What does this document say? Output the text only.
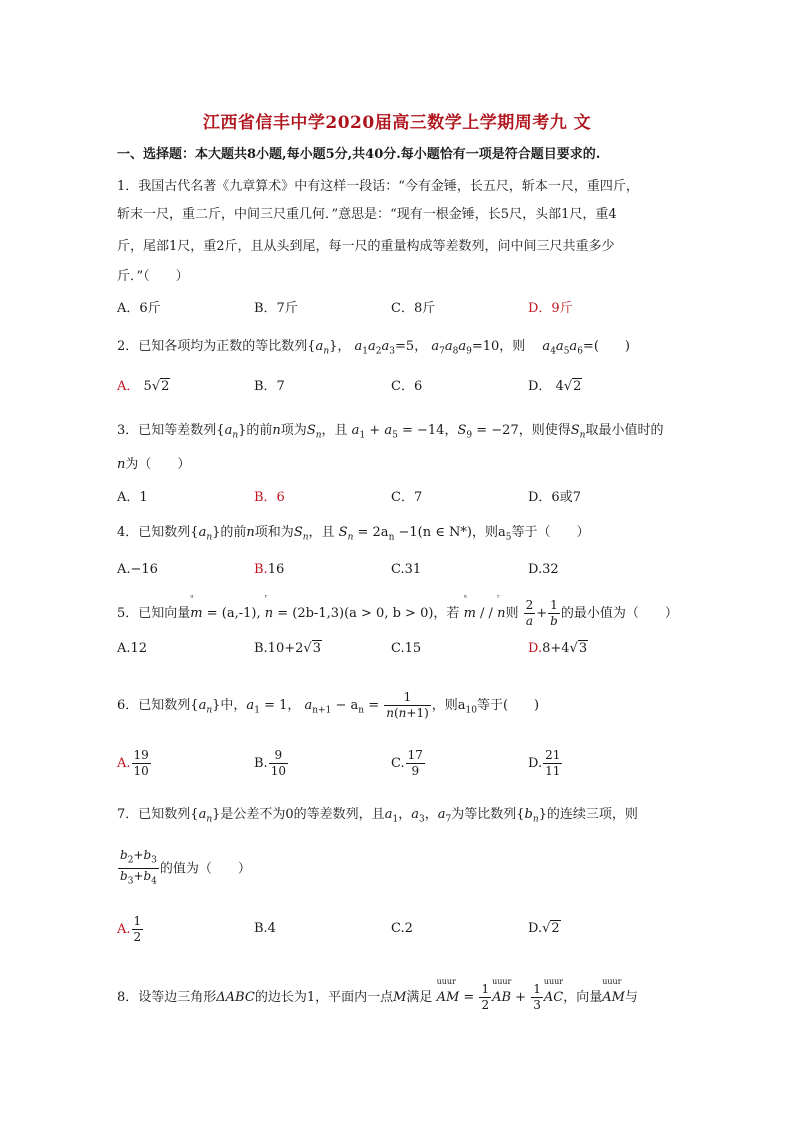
江西省信丰中学2020届高三数学上学期周考九 文
一、选择题：本大题共8小题,每小题5分,共40分.每小题恰有一项是符合题目要求的.
1．我国古代名著《九章算术》中有这样一段话：“今有金锤，长五尺，斩本一尺，重四斤，
斩末一尺，重二斤，中间三尺重几何．”意思是：“现有一根金锤，长5尺，头部1尺，重4
斤，尾部1尺，重2斤，且从头到尾，每一尺的重量构成等差数列，问中间三尺共重多少
斤．”（　　）
A．6斤	B．7斤	C．8斤	D．9斤
2．已知各项均为正数的等比数列$\{a_n\}$， $a_1a_2a_3=5$， $a_7a_8a_9=10$，则　 $a_4a_5a_6=$(　　)
A． 5√2	B．7	C．6	D． 4√2
3．已知等差数列$\{a_n\}$的前n项为$S_n$，且 $a_1 + a_5 = -14$，$S_9 = -27$，则使得$S_n$取最小值时的
n为（　　）
A．1	B．6	C．7	D．6或7
4．已知数列$\{a_n\}$的前n项和为$S_n$，且 $S_n = 2a_n -1(n$ ∈ N*)，则$a_5$等于（　　）
A.−16	B.16	C.31	D.32
5．已知向量
ᵘ
m = (a,-1),
ʳ
n = (2b-1,3)(a > 0, b > 0)，若
ᵘ
m / /
ʳ
n则 $\frac{2}{a} + \frac{1}{b}$ 的最小值为（　　）
A.12	B.10+2√3	C.15	D.8+4√3
6．已知数列$\{a_n\}$中，$a_1 = 1$， $a_{n+1} - a_n = \frac{1}{n(n+1)}$ ，则$a_{10}$等于(　　)
A. $\frac{19}{10}$	B. $\frac{9}{10}$	C. $\frac{17}{9}$	D. $\frac{21}{11}$
7．已知数列$\{a_n\}$是公差不为0的等差数列，且$a_1$，$a_3$，$a_7$为等比数列$\{b_n\}$的连续三项，则
$\frac{b_2+b_3}{b_3+b_4}$ 的值为（　　）
A. $\frac{1}{2}$	B.4	C.2	D.√2
8．设等边三角形ΔABC的边长为1，平面内一点M满足
uuur
AM = $\frac{1}{2}$
uuur
AB + $\frac{1}{3}$
uuur
AC，向量
uuur
AM与
